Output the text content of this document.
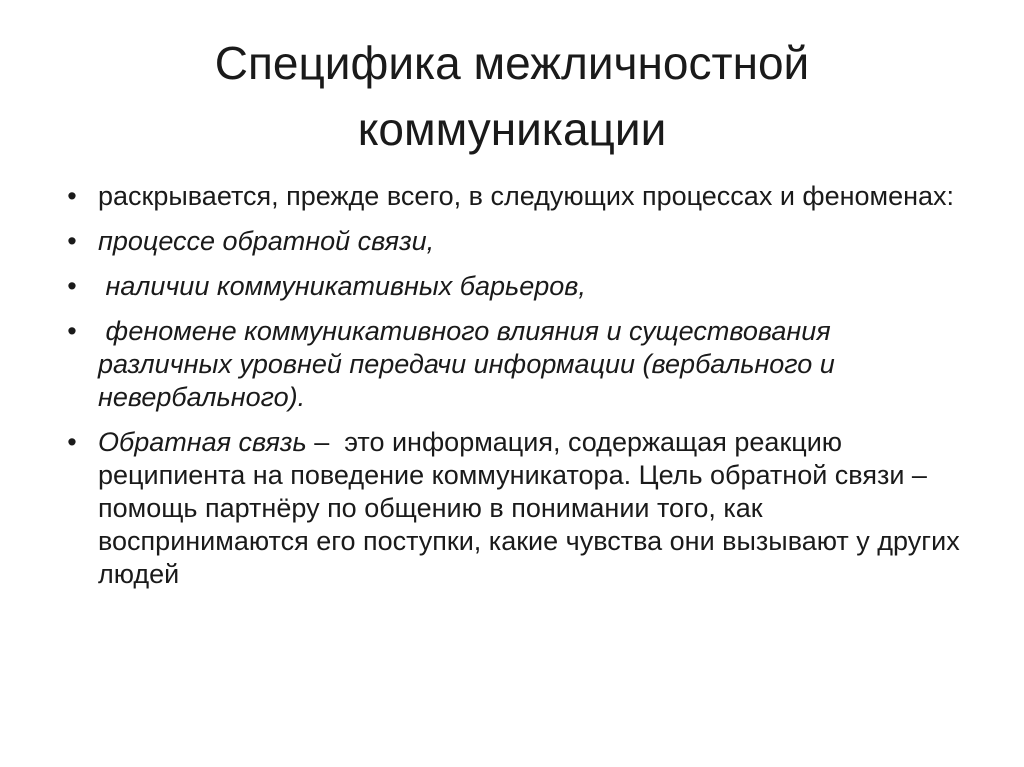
Специфика межличностной коммуникации
• раскрывается, прежде всего, в следующих процессах и феноменах:
• процессе обратной связи,
• наличии коммуникативных барьеров,
• феномене коммуникативного влияния и существования различных уровней передачи информации (вербального и невербального).
• Обратная связь –  это информация, содержащая реакцию реципиента на поведение коммуникатора. Цель обратной связи – помощь партнёру по общению в понимании того, как воспринимаются его поступки, какие чувства они вызывают у других людей
